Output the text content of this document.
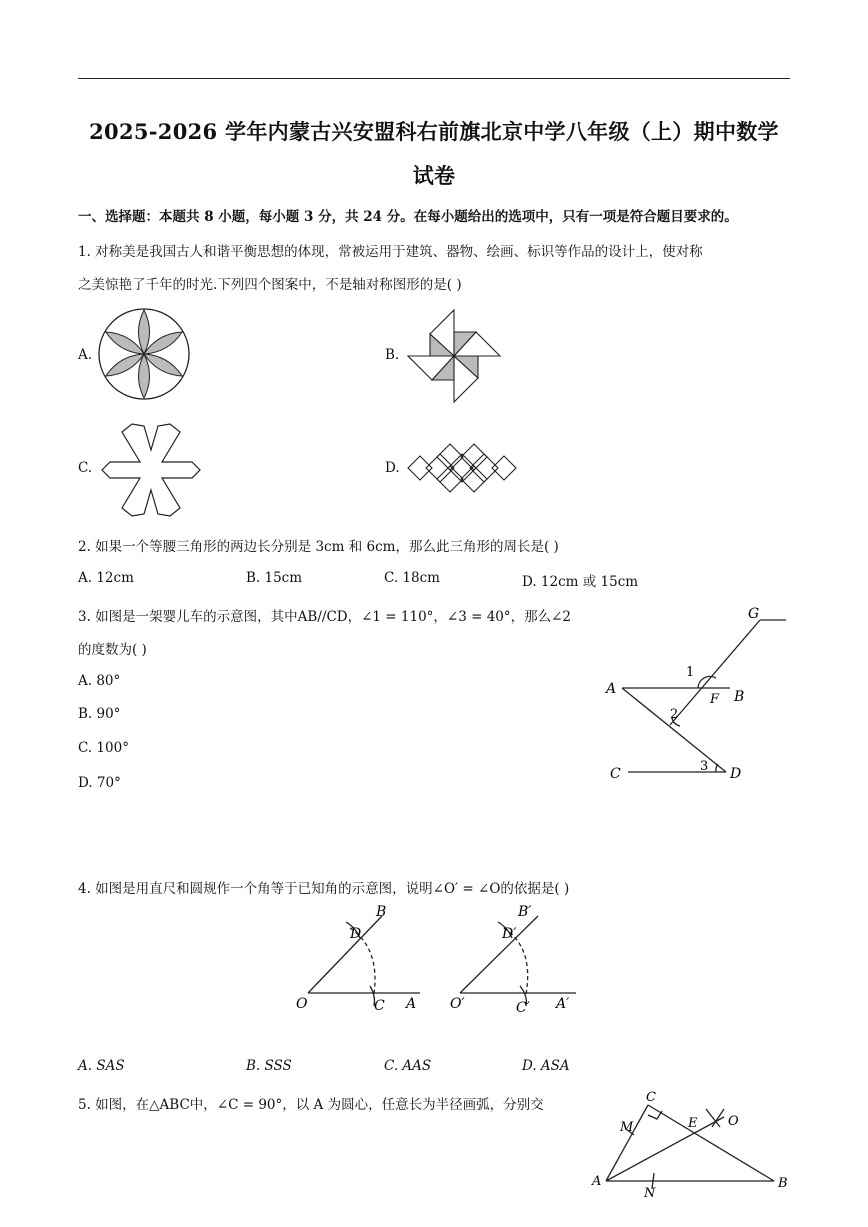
2025-2026 学年内蒙古兴安盟科右前旗北京中学八年级（上）期中数学
试卷
一、选择题：本题共 8 小题，每小题 3 分，共 24 分。在每小题给出的选项中，只有一项是符合题目要求的。
1. 对称美是我国古人和谐平衡思想的体现，常被运用于建筑、器物、绘画、标识等作品的设计上，使对称
之美惊艳了千年的时光.下列四个图案中，不是轴对称图形的是( )
A.	B.
C.	D.
2. 如果一个等腰三角形的两边长分别是 3cm 和 6cm，那么此三角形的周长是( )
A. 12cm	B. 15cm	C. 18cm	D. 12cm 或 15cm
3. 如图是一架婴儿车的示意图，其中AB//CD，∠1 = 110°，∠3 = 40°，那么∠2
的度数为( )
A. 80°
B. 90°
C. 100°
D. 70°
G
A	B
F
C	D
1
2
3
4. 如图是用直尺和圆规作一个角等于已知角的示意图，说明∠O′ = ∠O的依据是( )
O
B
D
C A O′
B′
D′
C′ A′
A. SAS	B. SSS	C. AAS	D. ASA
5. 如图，在△ABC中，∠C = 90°，以 A 为圆心，任意长为半径画弧，分别交	C
M	E O
A
N
B
